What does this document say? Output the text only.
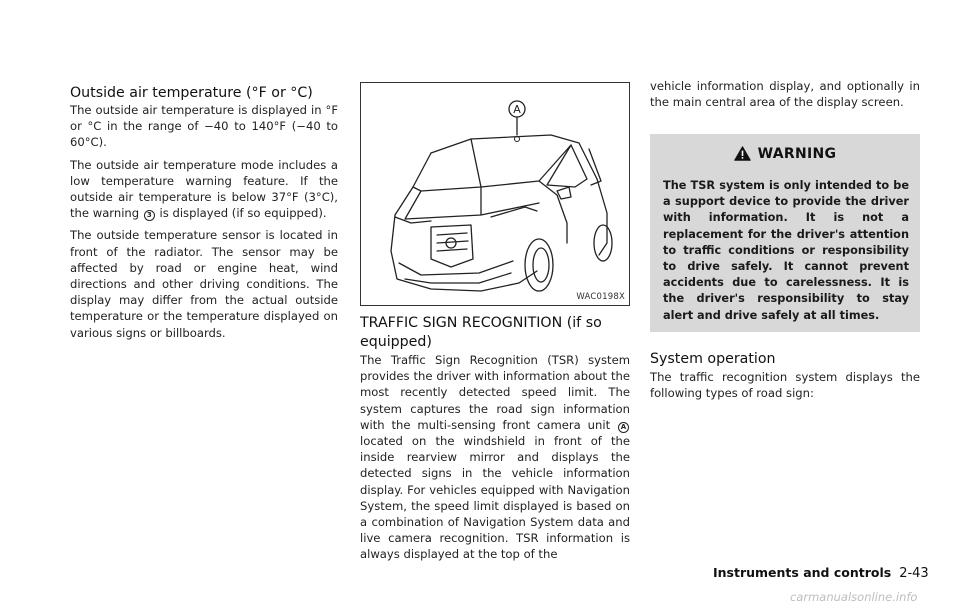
Outside air temperature (°F or °C)

The outside air temperature is displayed in °F or °C in the range of −40 to 140°F (−40 to 60°C).

The outside air temperature mode includes a low temperature warning feature. If the outside air temperature is below 37°F (3°C), the warning 3 is displayed (if so equipped).

The outside temperature sensor is located in front of the radiator. The sensor may be affected by road or engine heat, wind directions and other driving conditions. The display may differ from the actual outside temperature or the temperature displayed on various signs or billboards.

A
WAC0198X
TRAFFIC SIGN RECOGNITION (if so equipped)

The Traffic Sign Recognition (TSR) system provides the driver with information about the most recently detected speed limit. The system captures the road sign information with the multi-sensing front camera unit A located on the windshield in front of the inside rearview mirror and displays the detected signs in the vehicle information display. For vehicles equipped with Navigation System, the speed limit displayed is based on a combination of Navigation System data and live camera recognition. TSR information is always displayed at the top of the

vehicle information display, and optionally in the main central area of the display screen.

WARNING

The TSR system is only intended to be a support device to provide the driver with information. It is not a replacement for the driver's attention to traffic conditions or responsibility to drive safely. It cannot prevent accidents due to carelessness. It is the driver's responsibility to stay alert and drive safely at all times.

System operation

The traffic recognition system displays the following types of road sign:

Instruments and controls 2-43
carmanualsonline.info
